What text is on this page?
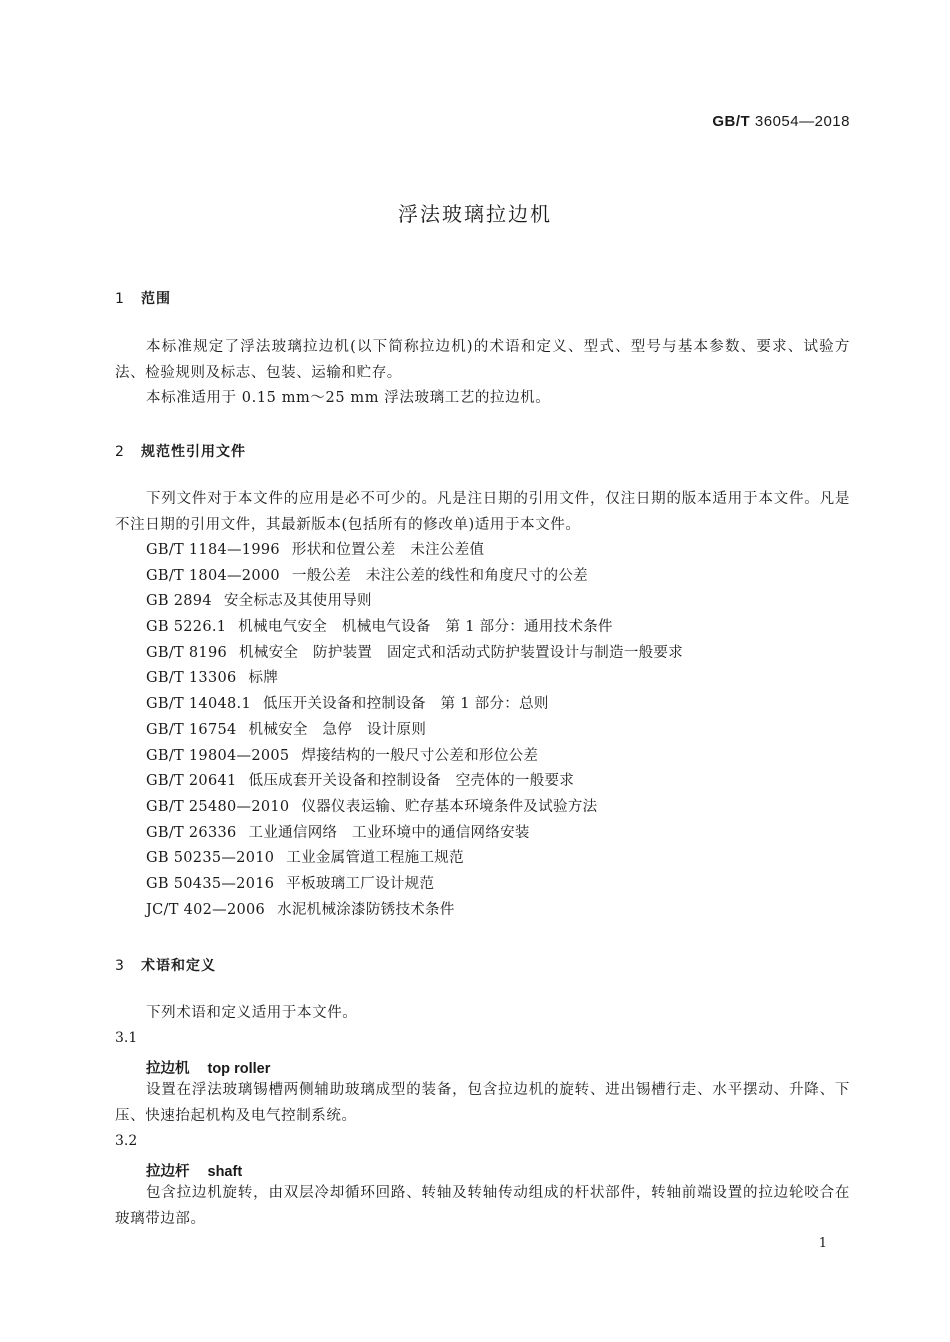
GB/T 36054—2018
浮法玻璃拉边机
1 范围
本标准规定了浮法玻璃拉边机(以下简称拉边机)的术语和定义、型式、型号与基本参数、要求、试验方法、检验规则及标志、包装、运输和贮存。
本标准适用于 0.15 mm～25 mm 浮法玻璃工艺的拉边机。
2 规范性引用文件
下列文件对于本文件的应用是必不可少的。凡是注日期的引用文件，仅注日期的版本适用于本文件。凡是不注日期的引用文件，其最新版本(包括所有的修改单)适用于本文件。
GB/T 1184—1996 形状和位置公差　未注公差值
GB/T 1804—2000 一般公差　未注公差的线性和角度尺寸的公差
GB 2894 安全标志及其使用导则
GB 5226.1 机械电气安全　机械电气设备　第 1 部分：通用技术条件
GB/T 8196 机械安全　防护装置　固定式和活动式防护装置设计与制造一般要求
GB/T 13306 标牌
GB/T 14048.1 低压开关设备和控制设备　第 1 部分：总则
GB/T 16754 机械安全　急停　设计原则
GB/T 19804—2005 焊接结构的一般尺寸公差和形位公差
GB/T 20641 低压成套开关设备和控制设备　空壳体的一般要求
GB/T 25480—2010 仪器仪表运输、贮存基本环境条件及试验方法
GB/T 26336 工业通信网络　工业环境中的通信网络安装
GB 50235—2010 工业金属管道工程施工规范
GB 50435—2016 平板玻璃工厂设计规范
JC/T 402—2006 水泥机械涂漆防锈技术条件
3 术语和定义
下列术语和定义适用于本文件。
3.1
拉边机 top roller
设置在浮法玻璃锡槽两侧辅助玻璃成型的装备，包含拉边机的旋转、进出锡槽行走、水平摆动、升降、下压、快速抬起机构及电气控制系统。
3.2
拉边杆 shaft
包含拉边机旋转，由双层冷却循环回路、转轴及转轴传动组成的杆状部件，转轴前端设置的拉边轮咬合在玻璃带边部。
1
